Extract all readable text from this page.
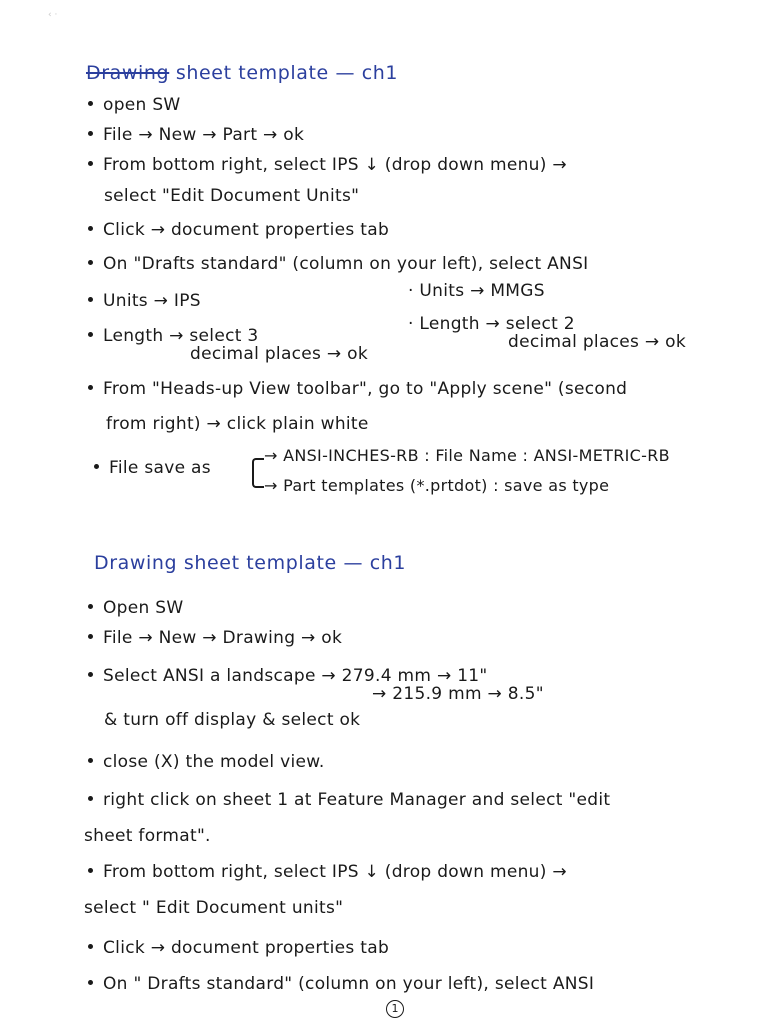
‹ ·
Drawing sheet template — ch1
open SW
File → New → Part → ok
From bottom right, select IPS ↓ (drop down menu) →
select "Edit Document Units"
Click → document properties tab
On "Drafts standard" (column on your left), select ANSI
Units → IPS	· Units → MMGS
Length → select 3
· Length → select 2
decimal places → ok
decimal places → ok
From "Heads-up View toolbar", go to "Apply scene" (second
from right) → click plain white
File save as
→ ANSI-INCHES-RB : File Name : ANSI-METRIC-RB
→ Part templates (*.prtdot) : save as type
Drawing sheet template — ch1
Open SW
File → New → Drawing → ok
Select ANSI a landscape → 279.4 mm → 11"
→ 215.9 mm → 8.5"
& turn off display & select ok
close (X) the model view.
right click on sheet 1 at Feature Manager and select "edit
sheet format".
From bottom right, select IPS ↓ (drop down menu) →
select " Edit Document units"
Click → document properties tab
On " Drafts standard" (column on your left), select ANSI
1
